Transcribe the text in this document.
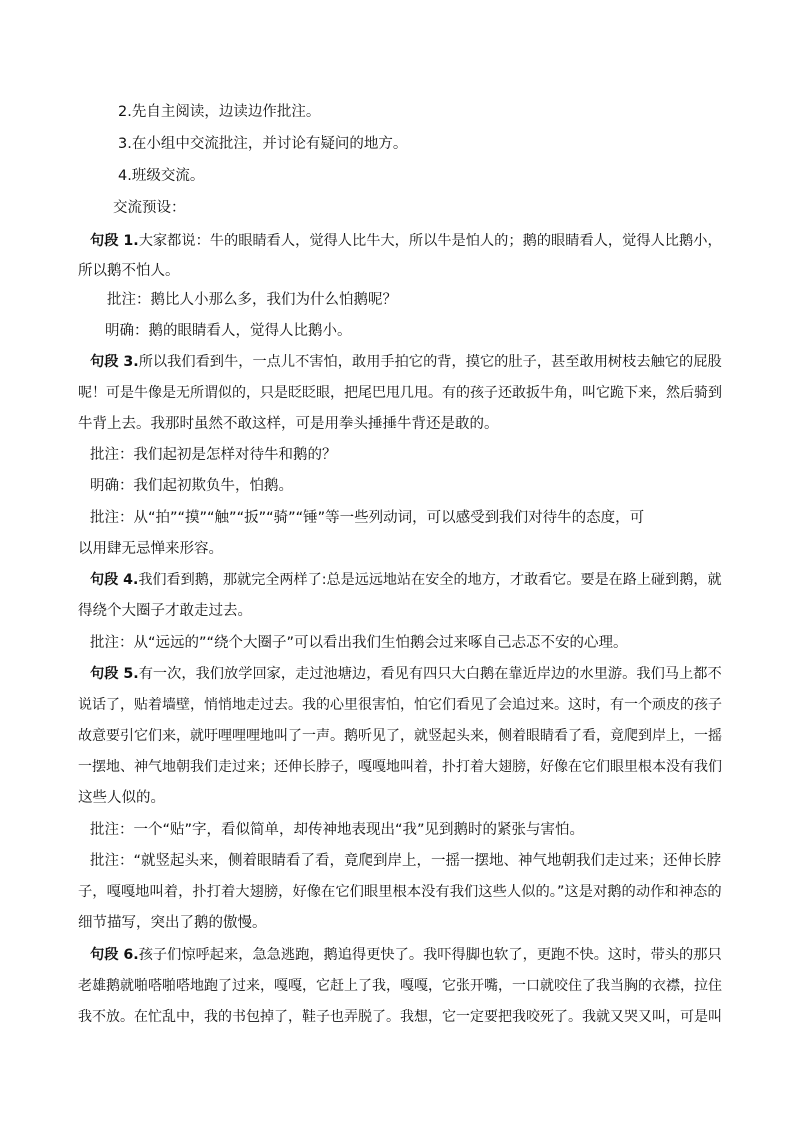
2.先自主阅读，边读边作批注。

3.在小组中交流批注，并讨论有疑问的地方。

4.班级交流。

交流预设：

句段 1.大家都说：牛的眼睛看人，觉得人比牛大，所以牛是怕人的；鹅的眼睛看人，觉得人比鹅小，

所以鹅不怕人。

批注：鹅比人小那么多，我们为什么怕鹅呢？

明确：鹅的眼睛看人，觉得人比鹅小。

句段 3.所以我们看到牛，一点儿不害怕，敢用手拍它的背，摸它的肚子，甚至敢用树枝去触它的屁股

呢！可是牛像是无所谓似的，只是眨眨眼，把尾巴甩几甩。有的孩子还敢扳牛角，叫它跪下来，然后骑到

牛背上去。我那时虽然不敢这样，可是用拳头捶捶牛背还是敢的。

批注：我们起初是怎样对待牛和鹅的？

明确：我们起初欺负牛，怕鹅。

批注：从“拍”“摸”“触”“扳”“骑”“锤”等一些列动词，可以感受到我们对待牛的态度，可

以用肆无忌惮来形容。

句段 4.我们看到鹅，那就完全两样了:总是远远地站在安全的地方，才敢看它。要是在路上碰到鹅，就

得绕个大圈子才敢走过去。

批注：从“远远的”“绕个大圈子”可以看出我们生怕鹅会过来啄自己忐忑不安的心理。

句段 5.有一次，我们放学回家，走过池塘边，看见有四只大白鹅在靠近岸边的水里游。我们马上都不

说话了，贴着墙壁，悄悄地走过去。我的心里很害怕，怕它们看见了会追过来。这时，有一个顽皮的孩子

故意要引它们来，就吁哩哩哩地叫了一声。鹅听见了，就竖起头来，侧着眼睛看了看，竟爬到岸上，一摇

一摆地、神气地朝我们走过来；还伸长脖子，嘎嘎地叫着，扑打着大翅膀，好像在它们眼里根本没有我们

这些人似的。

批注：一个“贴”字，看似简单，却传神地表现出“我”见到鹅时的紧张与害怕。

批注：“就竖起头来，侧着眼睛看了看，竟爬到岸上，一摇一摆地、神气地朝我们走过来；还伸长脖

子，嘎嘎地叫着，扑打着大翅膀，好像在它们眼里根本没有我们这些人似的。”这是对鹅的动作和神态的

细节描写，突出了鹅的傲慢。

句段 6.孩子们惊呼起来，急急逃跑，鹅追得更快了。我吓得脚也软了，更跑不快。这时，带头的那只

老雄鹅就啪嗒啪嗒地跑了过来，嘎嘎，它赶上了我，嘎嘎，它张开嘴，一口就咬住了我当胸的衣襟，拉住

我不放。在忙乱中，我的书包掉了，鞋子也弄脱了。我想，它一定要把我咬死了。我就又哭又叫，可是叫
